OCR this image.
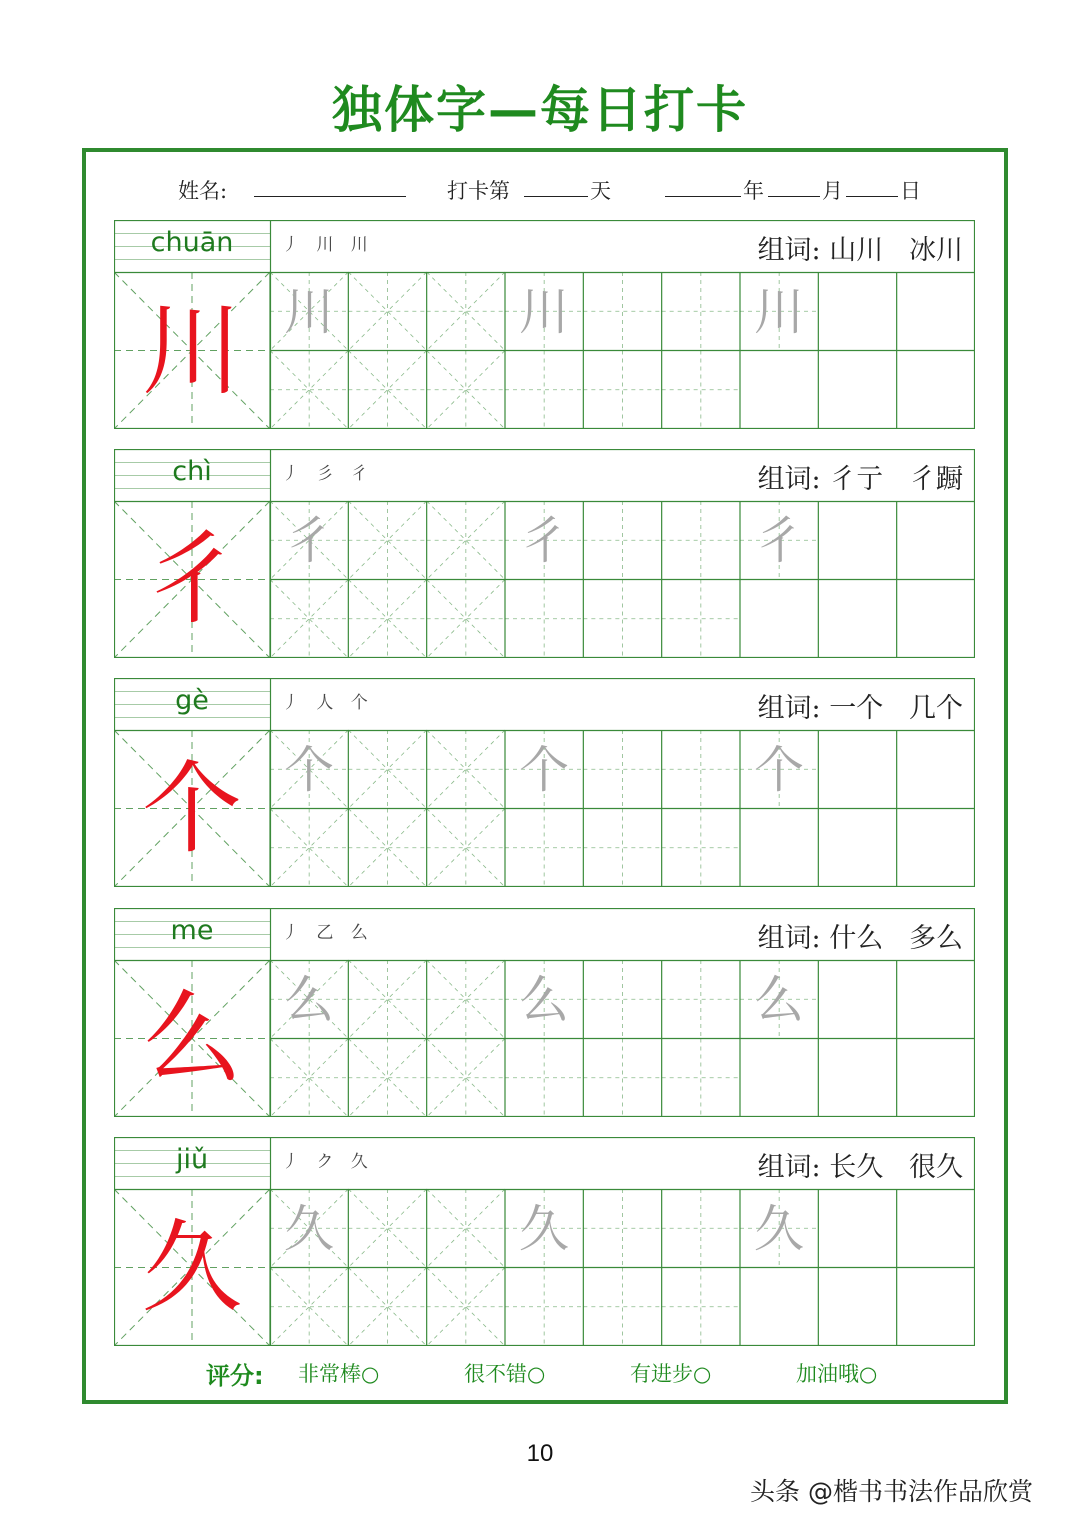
独体字—每日打卡
姓名:	打卡第	天	年	月	日
chuān	丿 川 川	组词: 山川   冰川
川 川	川	川
chì	丿 彡 彳	组词: 彳亍   彳蹰
彳 彳	彳	彳
gè	丿 人 个	组词: 一个   几个
个 个	个	个
me	丿 乙 么	组词: 什么   多么
么 么	么	么
jiǔ	丿 ク 久	组词: 长久   很久
久 久	久	久
评分: 非常棒○	很不错○	有进步○	加油哦○
10
头条 @楷书书法作品欣赏
